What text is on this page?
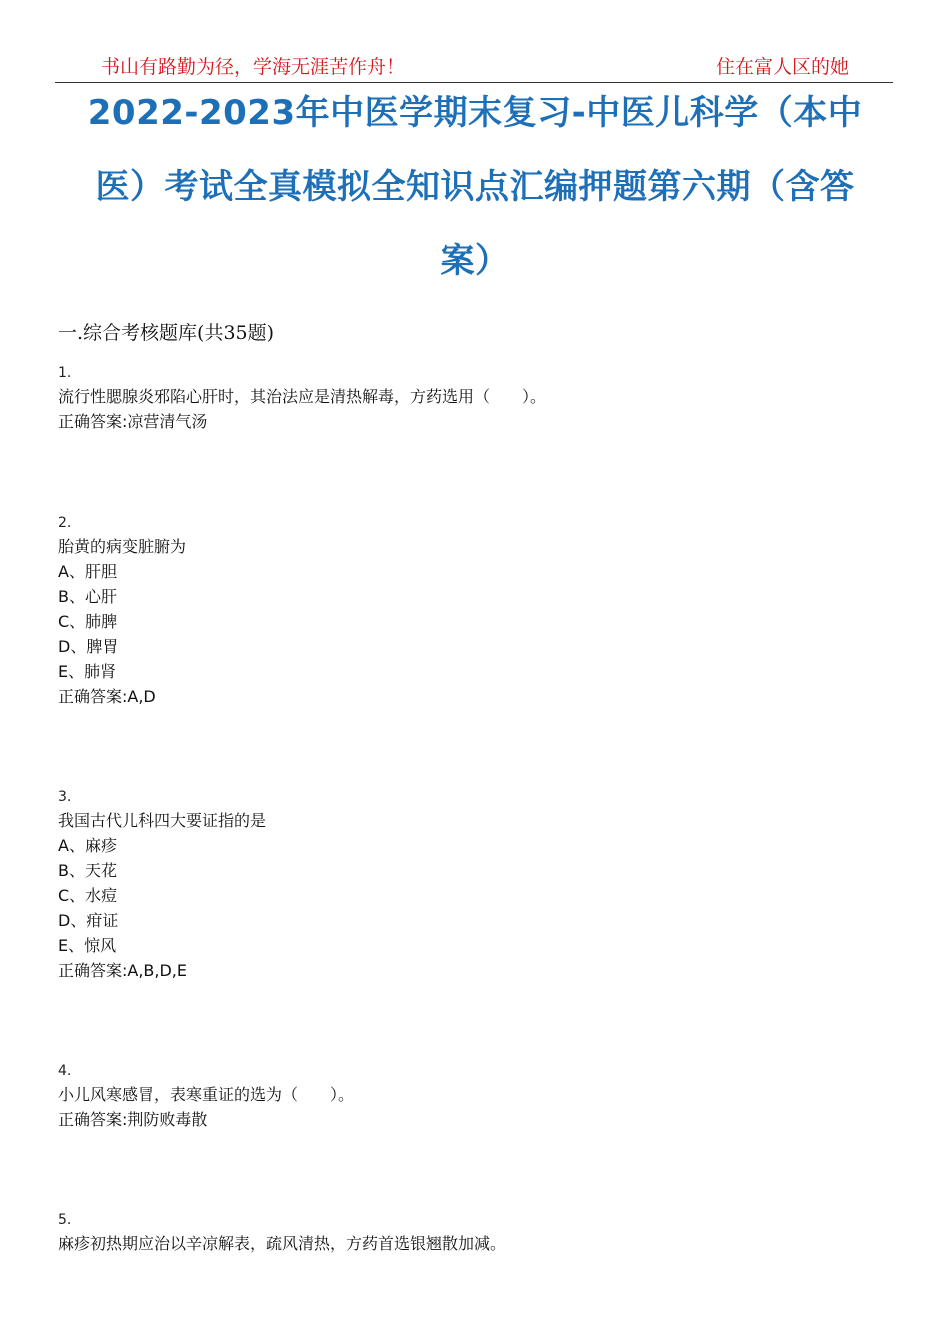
书山有路勤为径，学海无涯苦作舟！	住在富人区的她
2022-2023年中医学期末复习-中医儿科学（本中
医）考试全真模拟全知识点汇编押题第六期（含答
案）
一.综合考核题库(共35题)
1.
流行性腮腺炎邪陷心肝时，其治法应是清热解毒，方药选用（　　）。
正确答案:凉营清气汤
2.
胎黄的病变脏腑为
A、肝胆
B、心肝
C、肺脾
D、脾胃
E、肺肾
正确答案:A,D
3.
我国古代儿科四大要证指的是
A、麻疹
B、天花
C、水痘
D、疳证
E、惊风
正确答案:A,B,D,E
4.
小儿风寒感冒，表寒重证的选为（　　）。
正确答案:荆防败毒散
5.
麻疹初热期应治以辛凉解表，疏风清热，方药首选银翘散加减。
